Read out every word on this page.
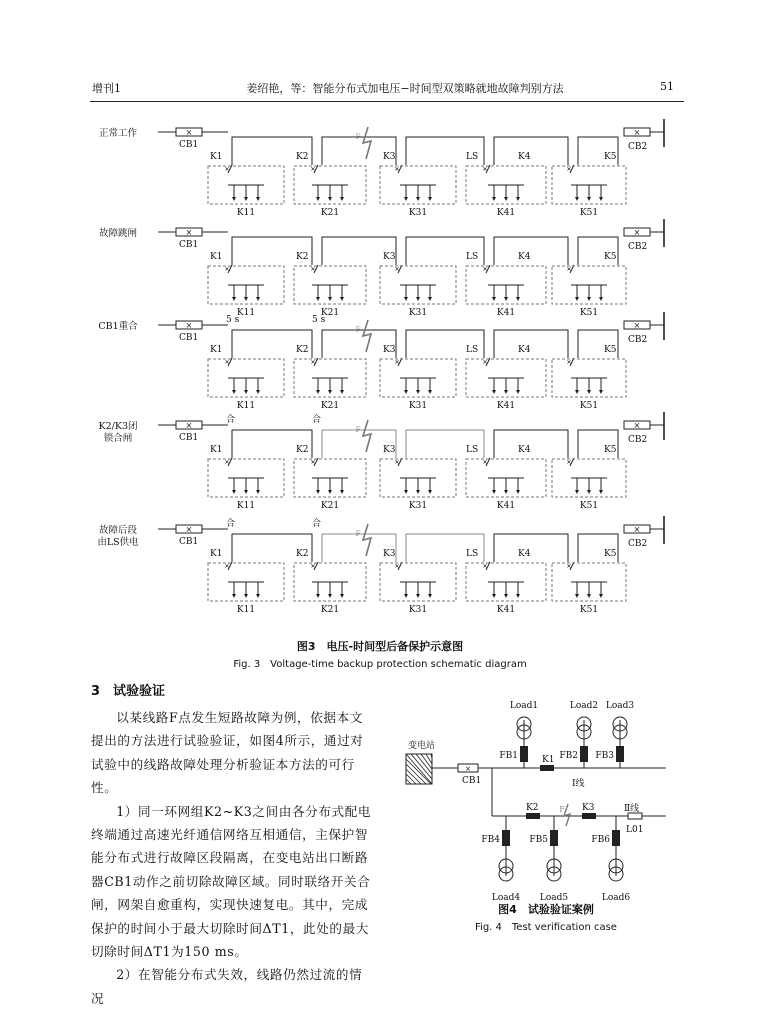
增刊1	姜绍艳，等：智能分布式加电压−时间型双策略就地故障判别方法	51
正常工作	×
CB1
×
CB2
✕	✕	✕	✕	✕
K1	K2	K3	LS	K4	K5
K11	K21	K31	K41	K51
F
故障跳闸	×
CB1
×
CB2
✕	✕	✕	✕	✕
K1	K2	K3	LS	K4	K5
K11	K21	K31	K41	K51
CB1重合	×
CB1
×
CB2
✕	✕	✕	✕	✕
K1	K2	K3	LS	K4	K5
K11	K21	K31	K41	K51
F
5 s	5 s
K2/K3闭
锁合闸
×
CB1
×
CB2
✕	✕	✕	✕	✕
K1	K2	K3	LS	K4	K5
K11	K21	K31	K41	K51
F
合	合
故障后段
由LS供电
×
CB1
×
CB2
✕	✕	✕	✕	✕
K1	K2	K3	LS	K4	K5
K11	K21	K31	K41	K51
F
合	合
图3　电压-时间型后备保护示意图
Fig. 3　Voltage-time backup protection schematic diagram
3　试验验证

以某线路F点发生短路故障为例，依据本文提出的方法进行试验验证，如图4所示，通过对试验中的线路故障处理分析验证本方法的可行性。

1）同一环网组K2~K3之间由各分布式配电终端通过高速光纤通信网络互相通信，主保护智能分布式进行故障区段隔离，在变电站出口断路器CB1动作之前切除故障区域。同时联络开关合闸，网架自愈重构，实现快速复电。其中，完成保护的时间小于最大切除时间ΔT1，此处的最大切除时间ΔT1为150 ms。

2）在智能分布式失效，线路仍然过流的情况

变电站
×
CB1	Ⅰ线
K1
K2	K3
F	Ⅱ线
L01
FB1
Load1
FB2
Load2
FB3
Load3
FB4
Load4
FB5
Load5
FB6
Load6
图4　试验验证案例
Fig. 4　Test verification case
